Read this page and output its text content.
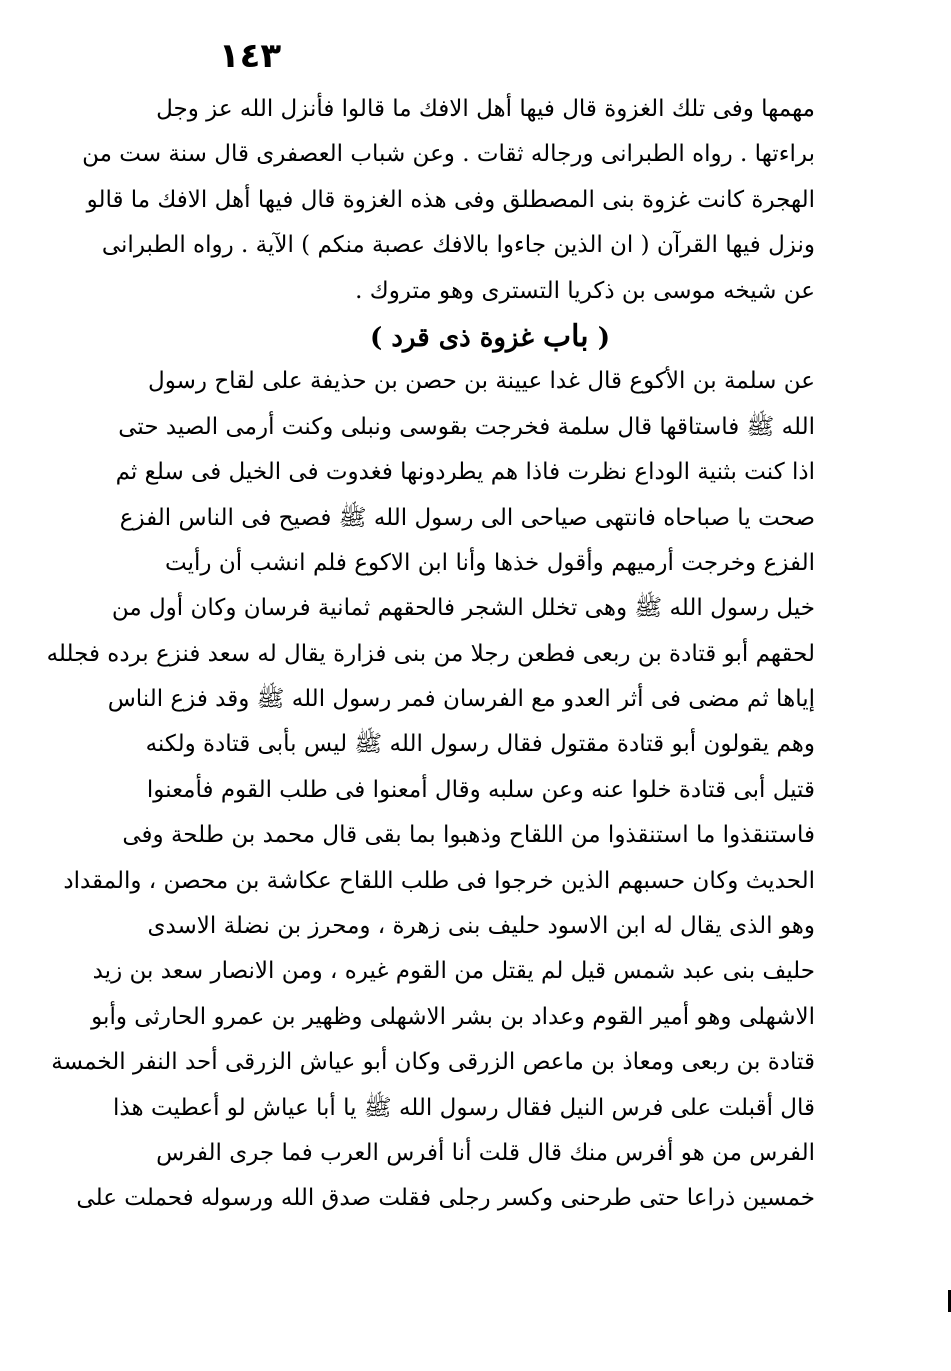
١٤٣
مهمها وفى تلك الغزوة قال فيها أهل الافك ما قالوا فأنزل الله عز وجل
براءتها . رواه الطبرانى ورجاله ثقات . وعن شباب العصفرى قال سنة ست من
الهجرة كانت غزوة بنى المصطلق وفى هذه الغزوة قال فيها أهل الافك ما قالو
ونزل فيها القرآن ( ان الذين جاءوا بالافك عصبة منكم ) الآية . رواه الطبرانى
عن شيخه موسى بن ذكريا التسترى وهو متروك .
( باب غزوة ذى قرد )
عن سلمة بن الأكوع قال غدا عيينة بن حصن بن حذيفة على لقاح رسول
الله ﷺ فاستاقها قال سلمة فخرجت بقوسى ونبلى وكنت أرمى الصيد حتى
اذا كنت بثنية الوداع نظرت فاذا هم يطردونها فغدوت فى الخيل فى سلع ثم
صحت يا صباحاه فانتهى صياحى الى رسول الله ﷺ فصيح فى الناس الفزع
الفزع وخرجت أرميهم وأقول خذها وأنا ابن الاكوع فلم انشب أن رأيت
خيل رسول الله ﷺ وهى تخلل الشجر فالحقهم ثمانية فرسان وكان أول من
لحقهم أبو قتادة بن ربعى فطعن رجلا من بنى فزارة يقال له سعد فنزع برده فجلله
إياها ثم مضى فى أثر العدو مع الفرسان فمر رسول الله ﷺ وقد فزع الناس
وهم يقولون أبو قتادة مقتول فقال رسول الله ﷺ ليس بأبى قتادة ولكنه
قتيل أبى قتادة خلوا عنه وعن سلبه وقال أمعنوا فى طلب القوم فأمعنوا
فاستنقذوا ما استنقذوا من اللقاح وذهبوا بما بقى قال محمد بن طلحة وفى
الحديث وكان حسبهم الذين خرجوا فى طلب اللقاح عكاشة بن محصن ، والمقداد
وهو الذى يقال له ابن الاسود حليف بنى زهرة ، ومحرز بن نضلة الاسدى
حليف بنى عبد شمس قيل لم يقتل من القوم غيره ، ومن الانصار سعد بن زيد
الاشهلى وهو أمير القوم وعداد بن بشر الاشهلى وظهير بن عمرو الحارثى وأبو
قتادة بن ربعى ومعاذ بن ماعص الزرقى وكان أبو عياش الزرقى أحد النفر الخمسة
قال أقبلت على فرس النيل فقال رسول الله ﷺ يا أبا عياش لو أعطيت هذا
الفرس من هو أفرس منك قال قلت أنا أفرس العرب فما جرى الفرس
خمسين ذراعا حتى طرحنى وكسر رجلى فقلت صدق الله ورسوله فحملت على
